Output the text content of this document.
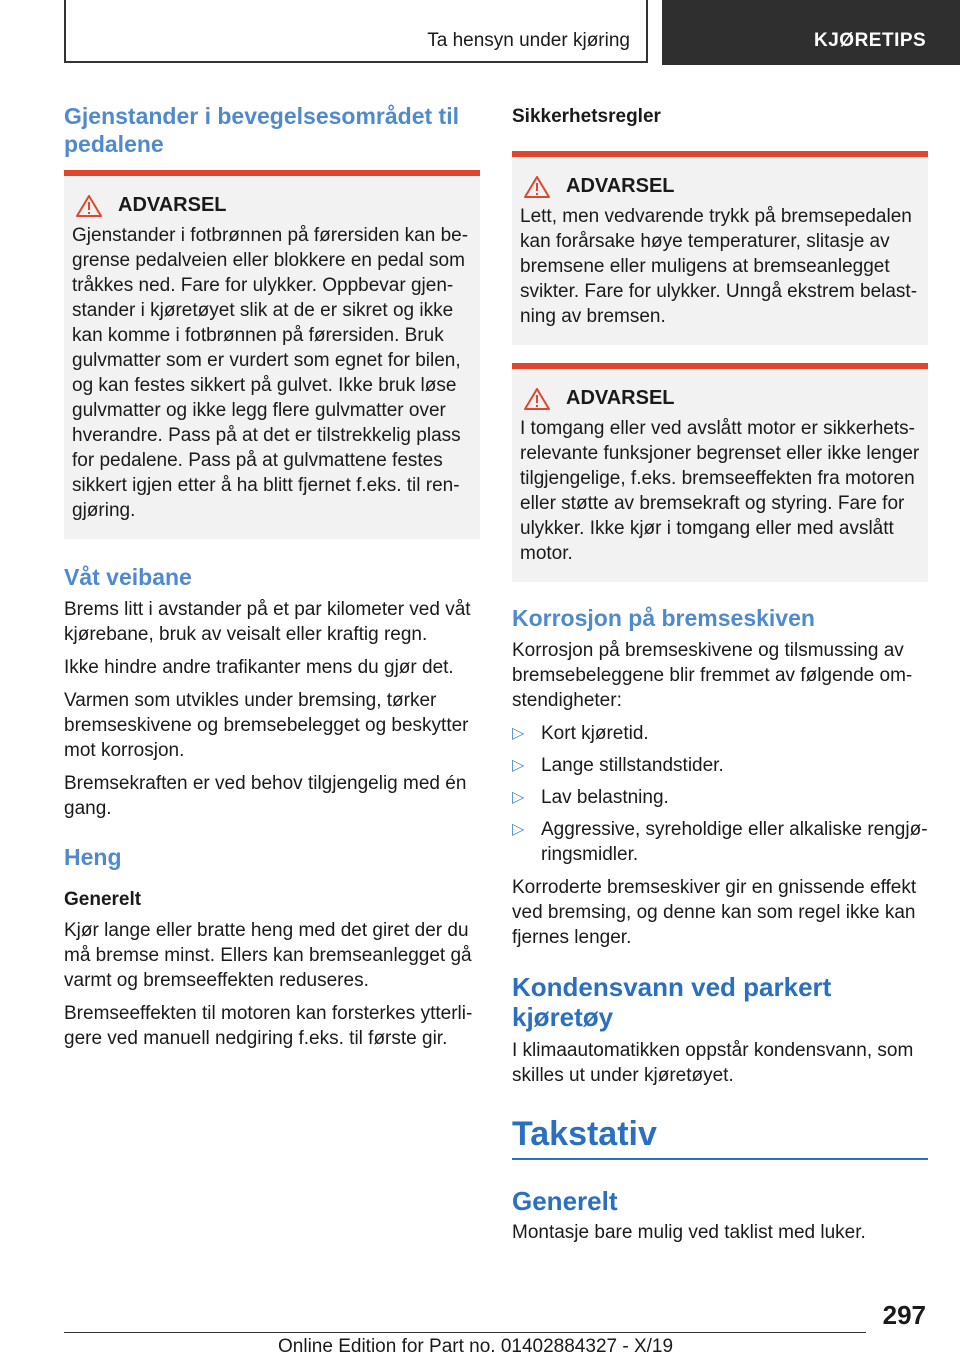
Ta hensyn under kjøring	KJØRETIPS
Gjenstander i bevegelsesområdet til pedalene
ADVARSEL

Gjenstander i fotbrønnen på førersiden kan begrense pedalveien eller blokkere en pedal som tråkkes ned. Fare for ulykker. Oppbevar gjenstander i kjøretøyet slik at de er sikret og ikke kan komme i fotbrønnen på førersiden. Bruk gulvmatter som er vurdert som egnet for bilen, og kan festes sikkert på gulvet. Ikke bruk løse gulvmatter og ikke legg flere gulvmatter over hverandre. Pass på at det er tilstrekkelig plass for pedalene. Pass på at gulvmattene festes sikkert igjen etter å ha blitt fjernet f.eks. til rengjøring.

Våt veibane

Brems litt i avstander på et par kilometer ved våt kjørebane, bruk av veisalt eller kraftig regn.

Ikke hindre andre trafikanter mens du gjør det.

Varmen som utvikles under bremsing, tørker bremseskivene og bremsebelegget og beskytter mot korrosjon.

Bremsekraften er ved behov tilgjengelig med én gang.

Heng

Generelt

Kjør lange eller bratte heng med det giret der du må bremse minst. Ellers kan bremseanlegget gå varmt og bremseeffekten reduseres.

Bremseeffekten til motoren kan forsterkes ytterligere ved manuell nedgiring f.eks. til første gir.

Sikkerhetsregler

ADVARSEL

Lett, men vedvarende trykk på bremsepedalen kan forårsake høye temperaturer, slitasje av bremsene eller muligens at bremseanlegget svikter. Fare for ulykker. Unngå ekstrem belastning av bremsen.

ADVARSEL

I tomgang eller ved avslått motor er sikkerhetsrelevante funksjoner begrenset eller ikke lenger tilgjengelige, f.eks. bremseeffekten fra motoren eller støtte av bremsekraft og styring. Fare for ulykker. Ikke kjør i tomgang eller med avslått motor.

Korrosjon på bremseskiven

Korrosjon på bremseskivene og tilsmussing av bremsebeleggene blir fremmet av følgende omstendigheter:

▷ Kort kjøretid.
▷ Lange stillstandstider.
▷ Lav belastning.
▷ Aggressive, syreholdige eller alkaliske rengjøringsmidler.

Korroderte bremseskiver gir en gnissende effekt ved bremsing, og denne kan som regel ikke kan fjernes lenger.

Kondensvann ved parkert kjøretøy

I klimaautomatikken oppstår kondensvann, som skilles ut under kjøretøyet.

Takstativ
Generelt

Montasje bare mulig ved taklist med luker.

297
Online Edition for Part no. 01402884327 - X/19
